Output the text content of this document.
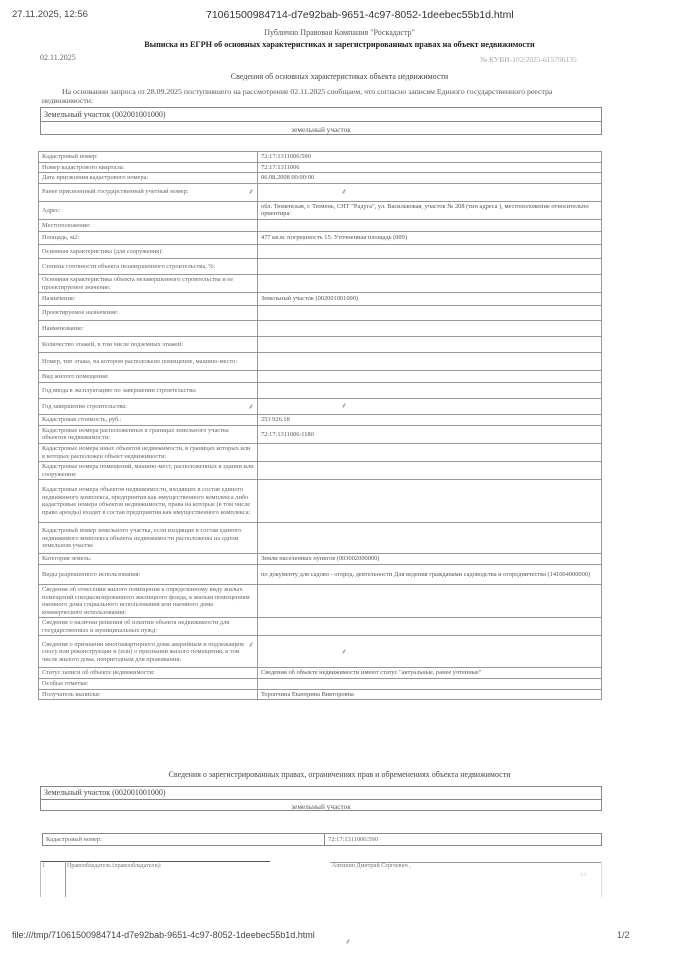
27.11.2025, 12:56	71061500984714-d7e92bab-9651-4c97-8052-1deebec55b1d.html
Публично Правовая Компания "Роскадастр"
Выписка из ЕГРН об основных характеристиках и зарегистрированных правах на объект недвижимости
02.11.2025	№ КУВИ-102/2025-615796135
Сведения об основных характеристиках объекта недвижимости
На основании запроса от 28.09.2025 поступившего на рассмотрение 02.11.2025 сообщаем, что согласно записям Единого государственного реестра недвижимости:
Земельный участок (002001001000)
земельный участок
Кадастровый номер:	72:17:1311006:590
Номер кадастрового квартала:	72:17:1311006
Дата присвоения кадастрового номера:	06.08.2008 00:00:00

⸙
Ранее присвоенный государственный учетный номер:	⸙
Адрес:	обл. Тюменская, г. Тюмень, СНТ "Радуга", ул. Васильковая, участок № 208 (тип адреса ), местоположение относительно ориентира:
Местоположение:	
Площадь, м2:	477 кв.м. погрешность 15. Уточненная площадь (009)
Основная характеристика (для сооружения):	
Степень готовности объекта незавершенного строительства, %:	
Основная характеристика объекта незавершенного строительства и ее проектируемое значение:	
Назначение:	Земельный участок (002001001000)
Проектируемое назначение:	
Наименование:	
Количество этажей, в том числе подземных этажей:	
Номер, тип этажа, на котором расположено помещение, машино-место:	
Вид жилого помещения:	
Год ввода в эксплуатацию по завершении строительства:	

⸙
Год завершения строительства:	⸙
Кадастровая стоимость, руб.:	253 926.18
Кадастровые номера расположенных в границах земельного участка объектов недвижимости:	72:17:1311006:1180
Кадастровые номера иных объектов недвижимости, в границах которых или в которых расположен объект недвижимости:	
Кадастровые номера помещений, машино-мест, расположенных в здании или сооружении:	
Кадастровые номера объектов недвижимости, входящих в состав единого недвижимого комплекса, предприятия как имущественного комплекса либо кадастровые номера объектов недвижимости, права на которые (в том числе право аренды) входят в состав предприятия как имущественного комплекса:	
Кадастровый номер земельного участка, если входящие в состав единого недвижимого комплекса объекты недвижимости расположены на одном земельном участке	
Категория земель:	Земли населенных пунктов (003002000000)
Виды разрешенного использования:	по документу для садово - огород. деятельности Для ведения гражданами садоводства и огородничества (141004000000)
Сведения об отнесении жилого помещения к определенному виду жилых помещений специализированного жилищного фонда, к жилым помещениям наемного дома социального использования или наемного дома коммерческого использования:	
Сведения о наличии решения об изъятии объекта недвижимости для государственных и муниципальных нужд:	

⸙
Сведения о признании многоквартирного дома аварийным и подлежащим сносу или реконструкции и (или) о признании жилого помещения, в том числе жилого дома, непригодным для проживания:	⸙
Статус записи об объекте недвижимости:	Сведения об объекте недвижимости имеют статус "актуальные, ранее учтенные"
Особые отметки:	
Получатель выписки:	Торопчина Екатерина Викторовна
Сведения о зарегистрированных правах, ограничениях прав и обременениях объекта недвижимости
Земельный участок (002001001000)
земельный участок
Кадастровый номер:	72:17:1311006:590
1	Правообладатель (правообладатели):	Антипин Дмитрий Сергеевич ,
1.1
file:///tmp/71061500984714-d7e92bab-9651-4c97-8052-1deebec55b1d.html
⸙
1/2
